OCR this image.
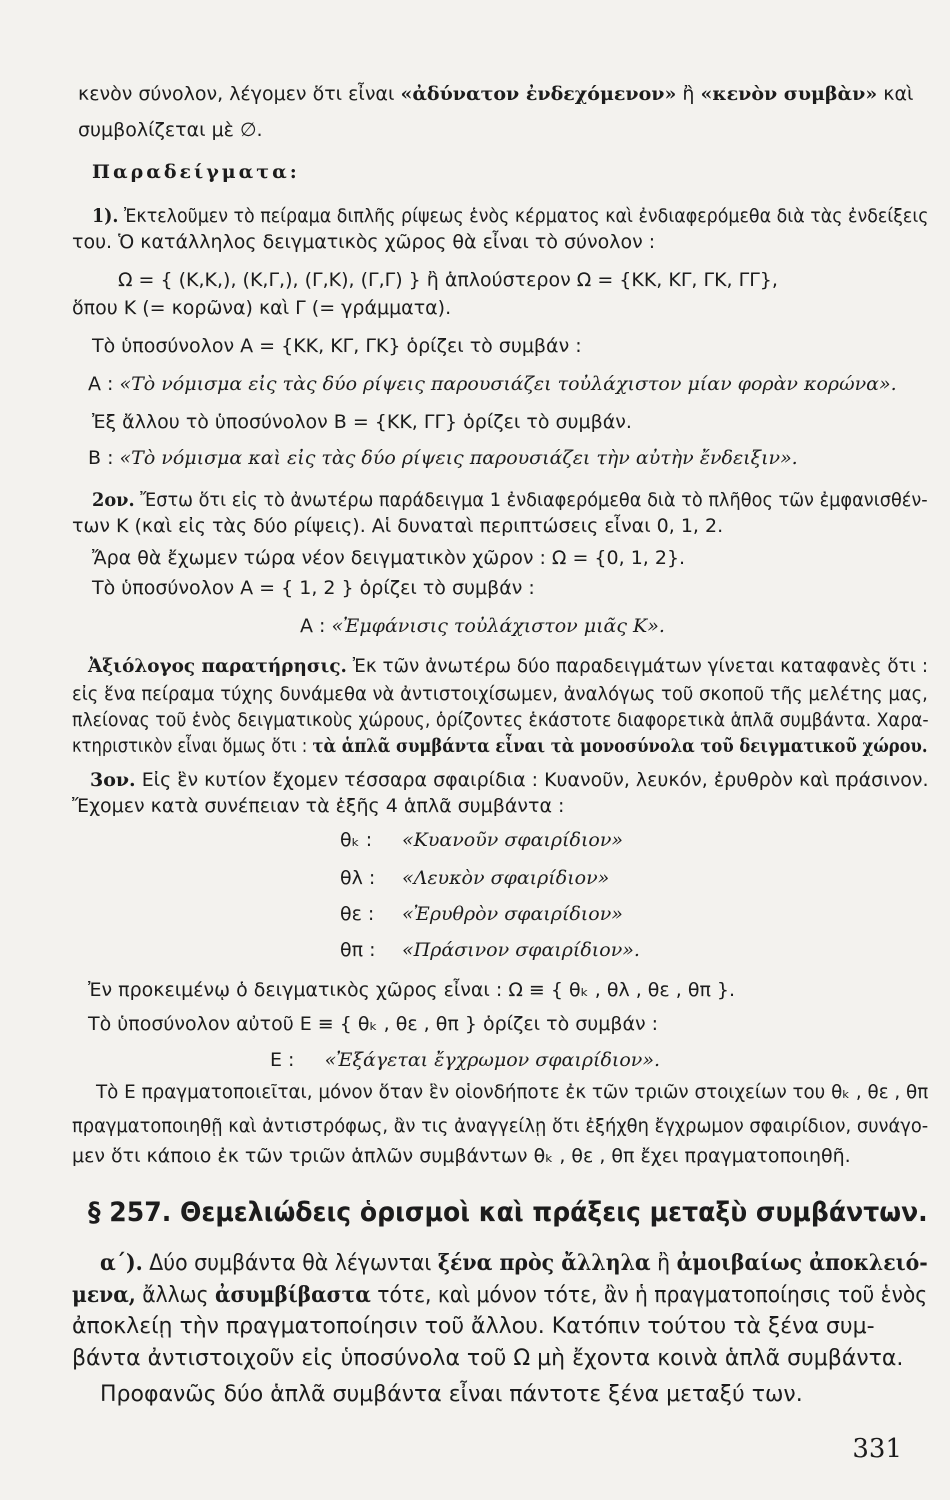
κενὸν σύνολον, λέγομεν ὅτι εἶναι «ἀδύνατον ἐνδεχόμενον» ἢ «κενὸν συμβὰν» καὶ
συμβολίζεται μὲ ∅.
Παραδείγματα:
1). Ἐκτελοῦμεν τὸ πείραμα διπλῆς ρίψεως ἑνὸς κέρματος καὶ ἐνδιαφερόμεθα διὰ τὰς ἐνδείξεις
του. Ὁ κατάλληλος δειγματικὸς χῶρος θὰ εἶναι τὸ σύνολον :
Ω = { (Κ,Κ,), (Κ,Γ,), (Γ,Κ), (Γ,Γ) } ἢ ἁπλούστερον Ω = {ΚΚ, ΚΓ, ΓΚ, ΓΓ},
ὅπου Κ (= κορῶνα) καὶ Γ (= γράμματα).
Τὸ ὑποσύνολον Α = {ΚΚ, ΚΓ, ΓΚ} ὁρίζει τὸ συμβάν :
Α : «Τὸ νόμισμα εἰς τὰς δύο ρίψεις παρουσιάζει τοὐλάχιστον μίαν φορὰν κορώνα».
Ἐξ ἄλλου τὸ ὑποσύνολον Β = {ΚΚ, ΓΓ} ὁρίζει τὸ συμβάν.
Β : «Τὸ νόμισμα καὶ εἰς τὰς δύο ρίψεις παρουσιάζει τὴν αὐτὴν ἔνδειξιν».
2ον. Ἔστω ὅτι εἰς τὸ ἀνωτέρω παράδειγμα 1 ἐνδιαφερόμεθα διὰ τὸ πλῆθος τῶν ἐμφανισθέν-
των Κ (καὶ εἰς τὰς δύο ρίψεις). Αἱ δυναταὶ περιπτώσεις εἶναι 0, 1, 2.
Ἄρα θὰ ἔχωμεν τώρα νέον δειγματικὸν χῶρον : Ω = {0, 1, 2}.
Τὸ ὑποσύνολον Α = { 1, 2 } ὁρίζει τὸ συμβάν :
Α : «Ἐμφάνισις τοὐλάχιστον μιᾶς Κ».
Ἀξιόλογος παρατήρησις. Ἐκ τῶν ἀνωτέρω δύο παραδειγμάτων γίνεται καταφανὲς ὅτι :
εἰς ἕνα πείραμα τύχης δυνάμεθα νὰ ἀντιστοιχίσωμεν, ἀναλόγως τοῦ σκοποῦ τῆς μελέτης μας,
πλείονας τοῦ ἑνὸς δειγματικοὺς χώρους, ὁρίζοντες ἑκάστοτε διαφορετικὰ ἁπλᾶ συμβάντα. Χαρα-
κτηριστικὸν εἶναι ὅμως ὅτι : τὰ ἁπλᾶ συμβάντα εἶναι τὰ μονοσύνολα τοῦ δειγματικοῦ χώρου.
3ον. Εἰς ἓν κυτίον ἔχομεν τέσσαρα σφαιρίδια : Κυανοῦν, λευκόν, ἐρυθρὸν καὶ πράσινον.
Ἔχομεν κατὰ συνέπειαν τὰ ἑξῆς 4 ἁπλᾶ συμβάντα :
θₖ : «Κυανοῦν σφαιρίδιον»
θλ : «Λευκὸν σφαιρίδιον»
θε : «Ἐρυθρὸν σφαιρίδιον»
θπ : «Πράσινον σφαιρίδιον».
Ἐν προκειμένῳ ὁ δειγματικὸς χῶρος εἶναι : Ω ≡ { θₖ , θλ , θε , θπ }.
Τὸ ὑποσύνολον αὐτοῦ Ε ≡ { θₖ , θε , θπ } ὁρίζει τὸ συμβάν :
Ε : «Ἐξάγεται ἔγχρωμον σφαιρίδιον».
Τὸ Ε πραγματοποιεῖται, μόνον ὅταν ἓν οἱονδήποτε ἐκ τῶν τριῶν στοιχείων του θₖ , θε , θπ
πραγματοποιηθῇ καὶ ἀντιστρόφως, ἂν τις ἀναγγείλῃ ὅτι ἐξήχθη ἔγχρωμον σφαιρίδιον, συνάγο-
μεν ὅτι κάποιο ἐκ τῶν τριῶν ἁπλῶν συμβάντων θₖ , θε , θπ ἔχει πραγματοποιηθῆ.
§ 257. Θεμελιώδεις ὁρισμοὶ καὶ πράξεις μεταξὺ συμβάντων.
α΄). Δύο συμβάντα θὰ λέγωνται ξένα πρὸς ἄλληλα ἢ ἀμοιβαίως ἀποκλειό-
μενα, ἄλλως ἀσυμβίβαστα τότε, καὶ μόνον τότε, ἂν ἡ πραγματοποίησις τοῦ ἑνὸς
ἀποκλείῃ τὴν πραγματοποίησιν τοῦ ἄλλου. Κατόπιν τούτου τὰ ξένα συμ-
βάντα ἀντιστοιχοῦν εἰς ὑποσύνολα τοῦ Ω μὴ ἔχοντα κοινὰ ἁπλᾶ συμβάντα.
Προφανῶς δύο ἁπλᾶ συμβάντα εἶναι πάντοτε ξένα μεταξύ των.
331
